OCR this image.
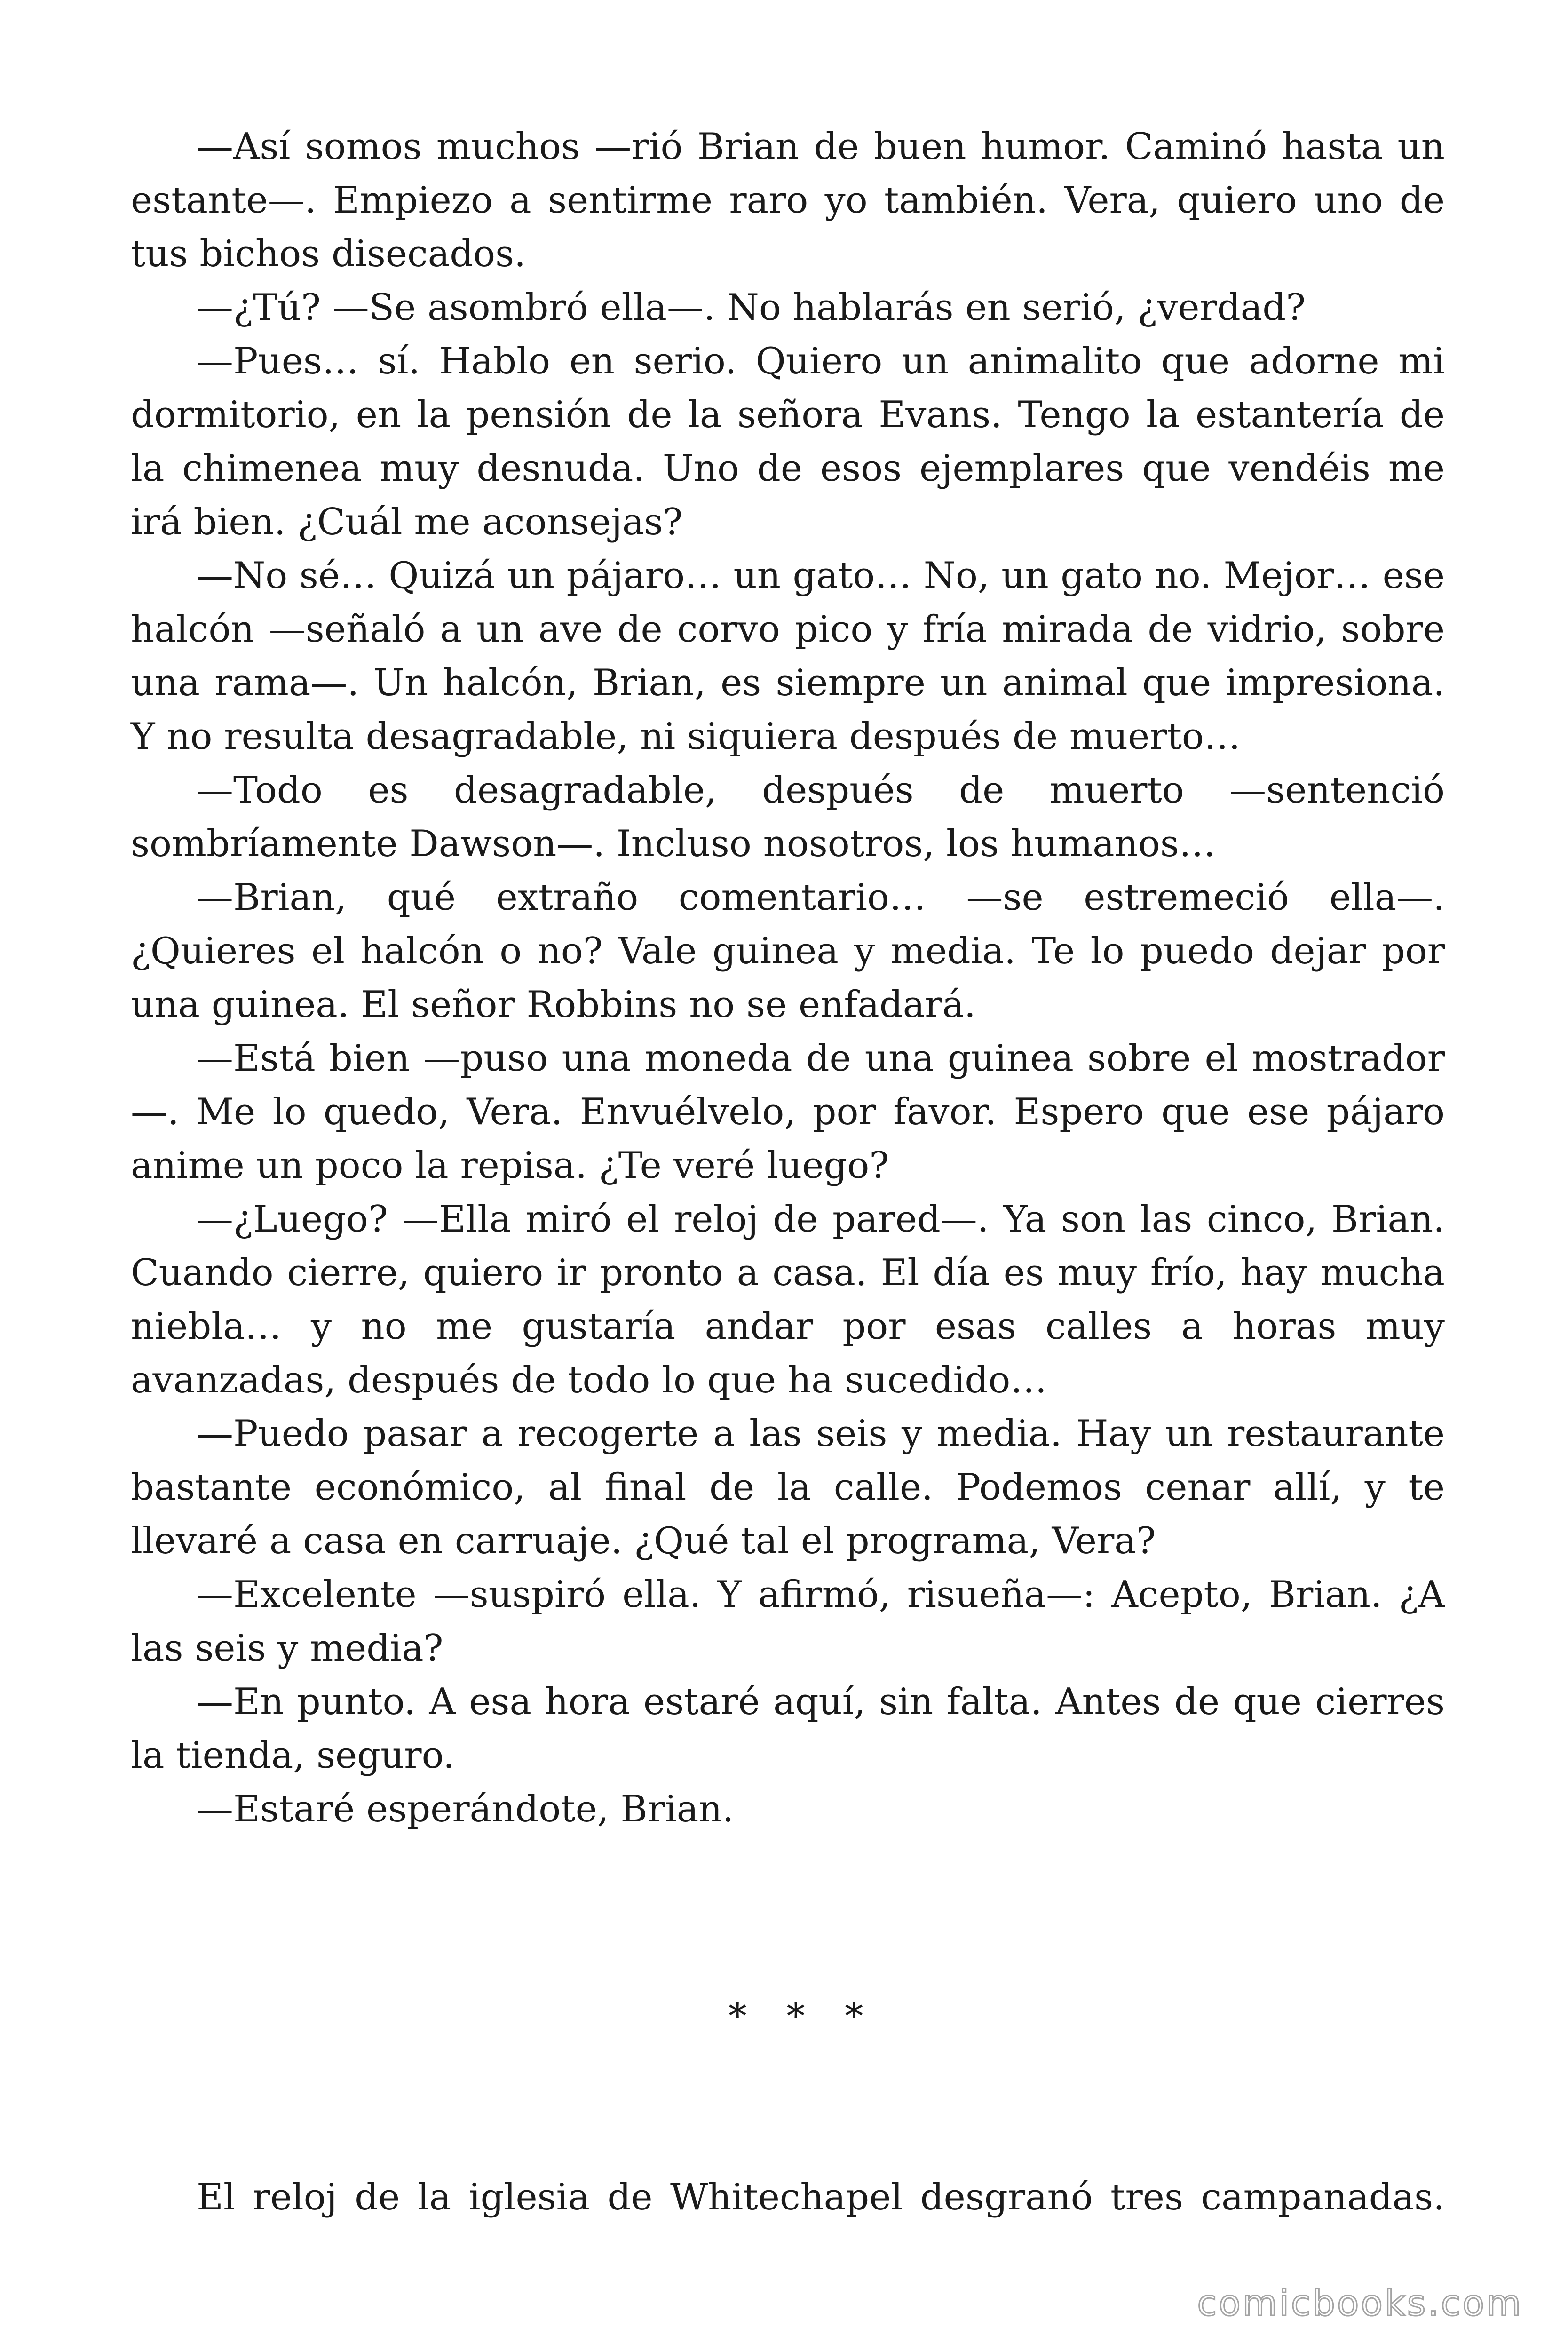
—Así somos muchos —rió Brian de buen humor. Caminó hasta un estante—. Empiezo a sentirme raro yo también. Vera, quiero uno de tus bichos disecados.

—¿Tú? —Se asombró ella—. No hablarás en serió, ¿verdad?

—Pues… sí. Hablo en serio. Quiero un animalito que adorne mi dormitorio, en la pensión de la señora Evans. Tengo la estantería de la chimenea muy desnuda. Uno de esos ejemplares que vendéis me irá bien. ¿Cuál me aconsejas?

—No sé… Quizá un pájaro… un gato… No, un gato no. Mejor… ese halcón —señaló a un ave de corvo pico y fría mirada de vidrio, sobre una rama—. Un halcón, Brian, es siempre un animal que impresiona. Y no resulta desagradable, ni siquiera después de muerto…

—Todo es desagradable, después de muerto —sentenció sombríamente Dawson—. Incluso nosotros, los humanos…

—Brian, qué extraño comentario… —se estremeció ella—. ¿Quieres el halcón o no? Vale guinea y media. Te lo puedo dejar por una guinea. El señor Robbins no se enfadará.

—Está bien —puso una moneda de una guinea sobre el mostrador—. Me lo quedo, Vera. Envuélvelo, por favor. Espero que ese pájaro anime un poco la repisa. ¿Te veré luego?

—¿Luego? —Ella miró el reloj de pared—. Ya son las cinco, Brian. Cuando cierre, quiero ir pronto a casa. El día es muy frío, hay mucha niebla… y no me gustaría andar por esas calles a horas muy avanzadas, después de todo lo que ha sucedido…

—Puedo pasar a recogerte a las seis y media. Hay un restaurante bastante económico, al final de la calle. Podemos cenar allí, y te llevaré a casa en carruaje. ¿Qué tal el programa, Vera?

—Excelente —suspiró ella. Y afirmó, risueña—: Acepto, Brian. ¿A las seis y media?

—En punto. A esa hora estaré aquí, sin falta. Antes de que cierres la tienda, seguro.

—Estaré esperándote, Brian.

* * *

El reloj de la iglesia de Whitechapel desgranó tres campanadas.

comicbooks.com
